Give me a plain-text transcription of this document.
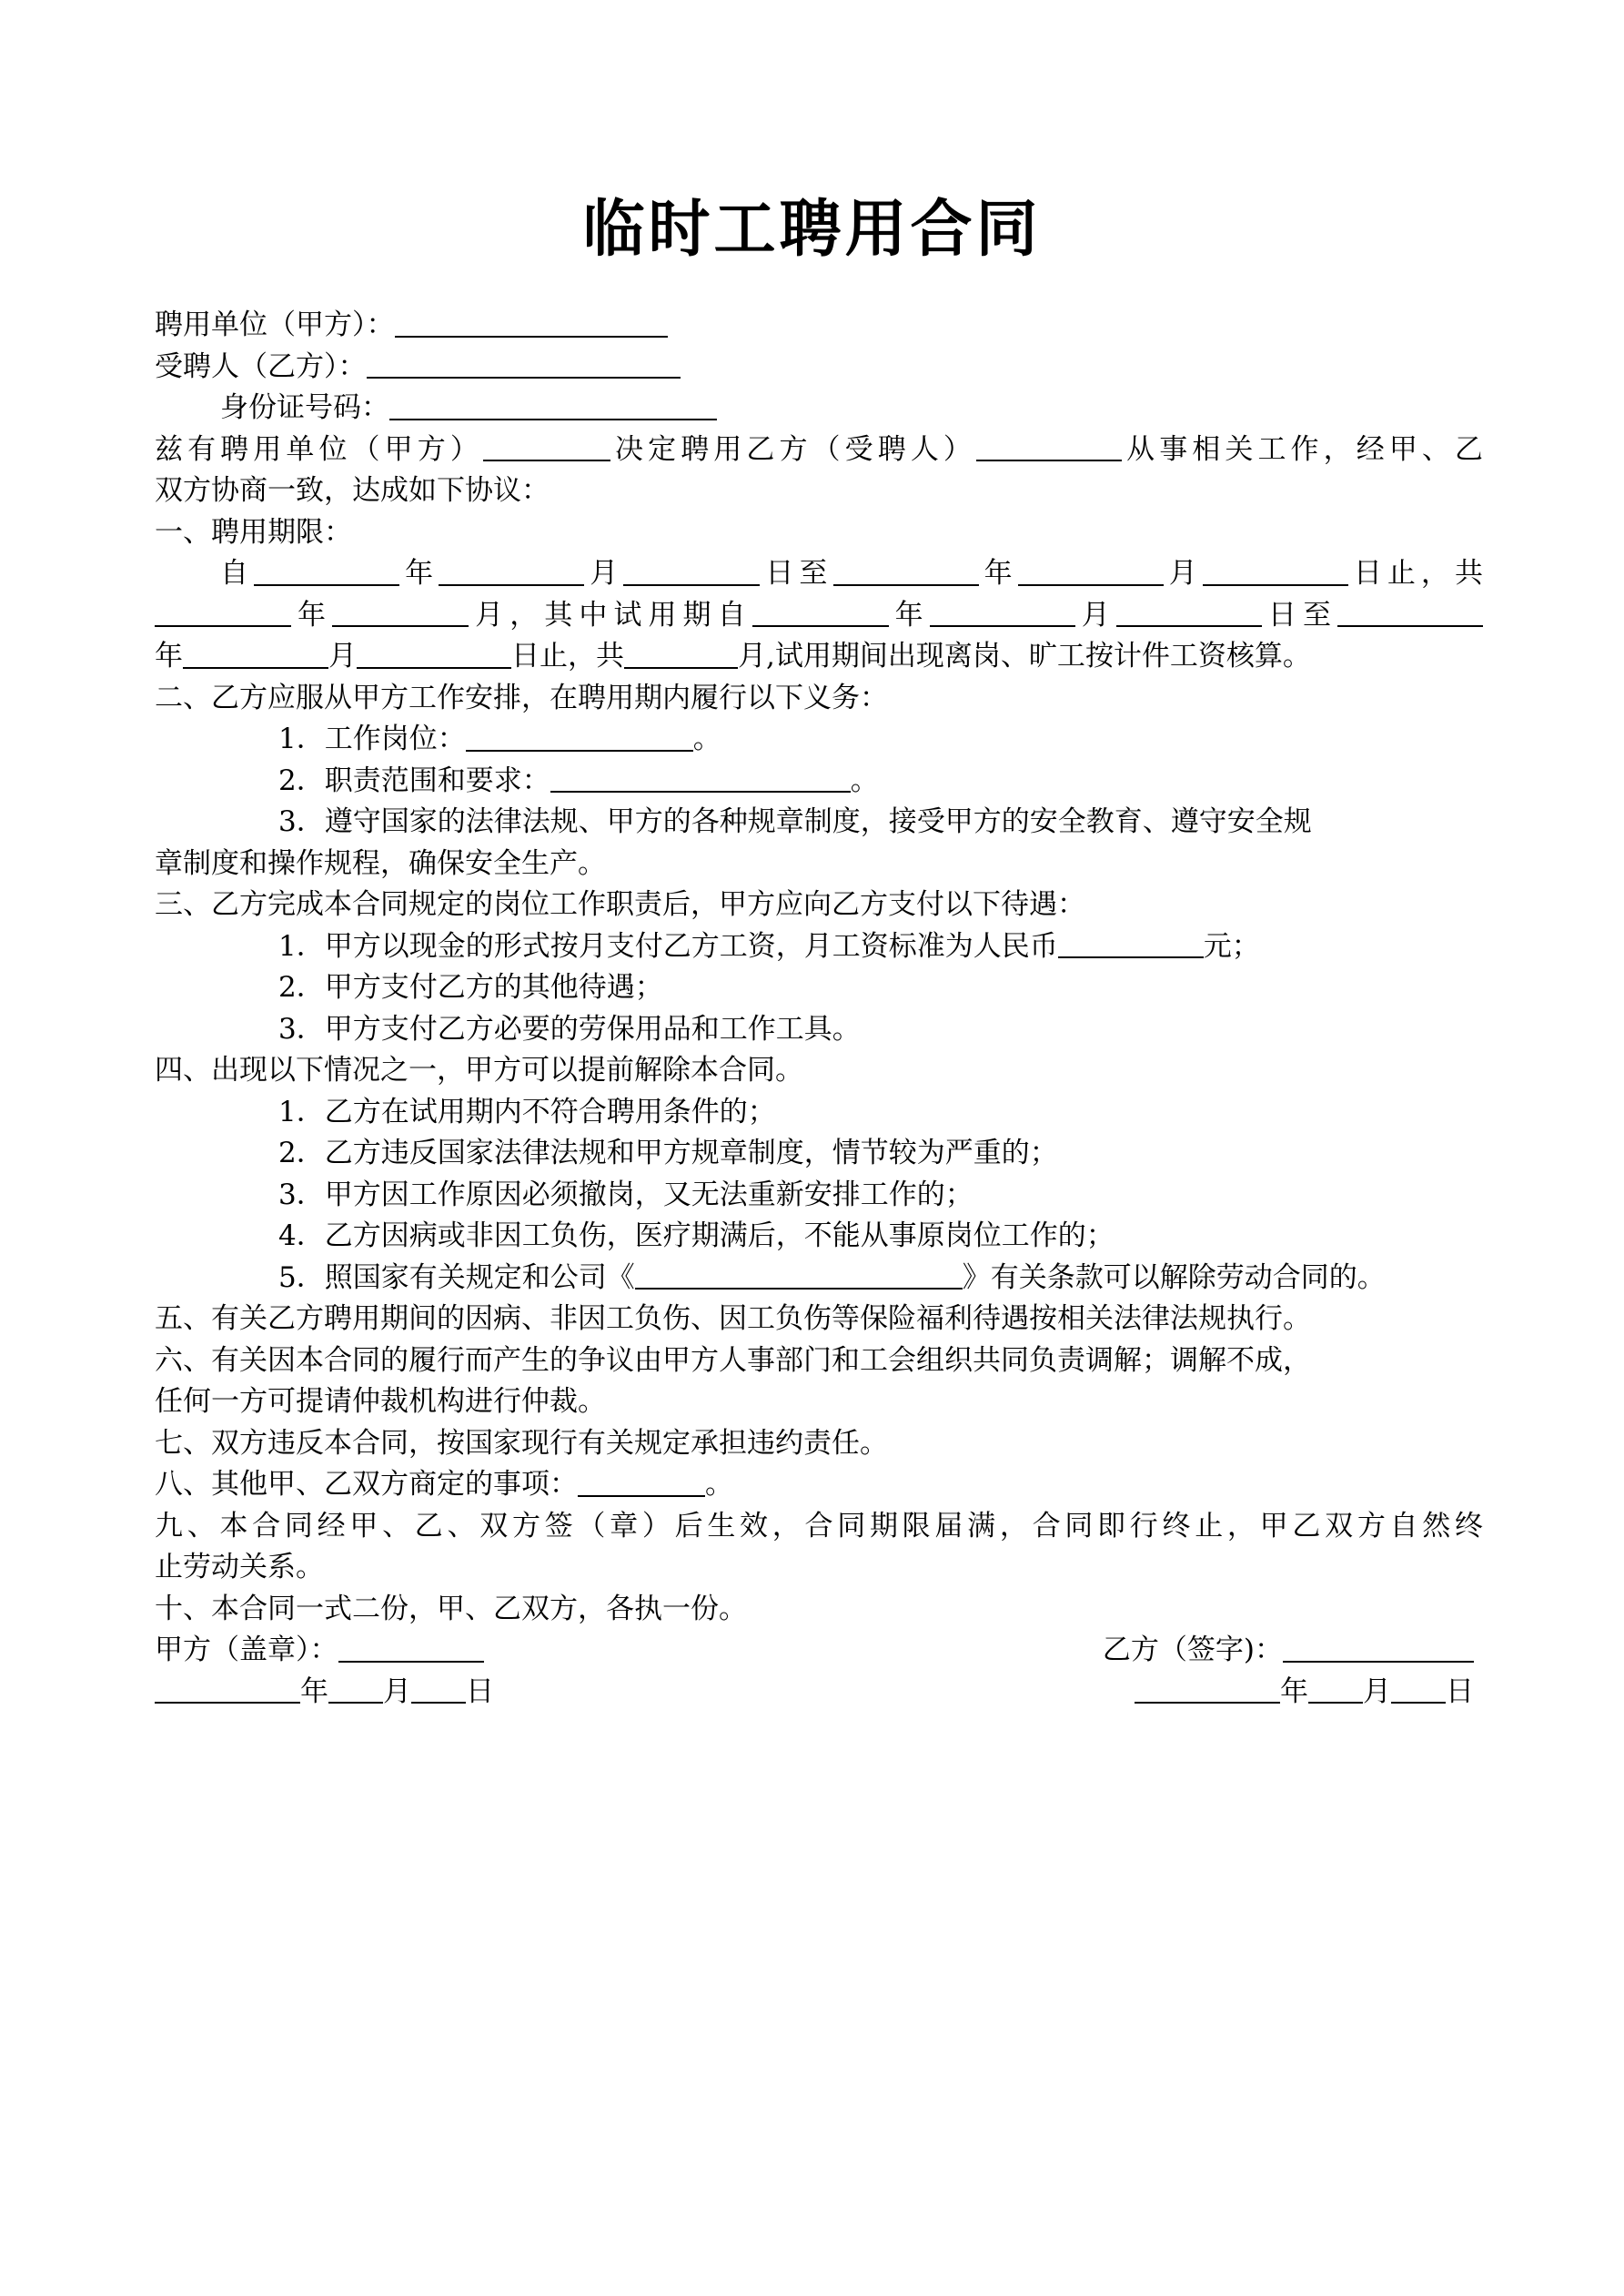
临时工聘用合同

聘用单位（甲方）：

受聘人（乙方）：

身份证号码：

兹有聘用单位（甲方）	决定聘用乙方（受聘人）	从事相关工作，经甲、乙

双方协商一致，达成如下协议：

一、聘用期限：

自	年	月	日至	年	月	日止，共

年	月，其中试用期自	年	月	日至

年	月	日止，共	月,试用期间出现离岗、旷工按计件工资核算。

二、乙方应服从甲方工作安排，在聘用期内履行以下义务：

1．工作岗位：	。

2．职责范围和要求：	。

3．遵守国家的法律法规、甲方的各种规章制度，接受甲方的安全教育、遵守安全规

章制度和操作规程，确保安全生产。

三、乙方完成本合同规定的岗位工作职责后，甲方应向乙方支付以下待遇：

1．甲方以现金的形式按月支付乙方工资，月工资标准为人民币	元；

2．甲方支付乙方的其他待遇；

3．甲方支付乙方必要的劳保用品和工作工具。

四、出现以下情况之一，甲方可以提前解除本合同。

1．乙方在试用期内不符合聘用条件的；

2．乙方违反国家法律法规和甲方规章制度，情节较为严重的；

3．甲方因工作原因必须撤岗，又无法重新安排工作的；

4．乙方因病或非因工负伤，医疗期满后，不能从事原岗位工作的；

5．照国家有关规定和公司《	》有关条款可以解除劳动合同的。

五、有关乙方聘用期间的因病、非因工负伤、因工负伤等保险福利待遇按相关法律法规执行。

六、有关因本合同的履行而产生的争议由甲方人事部门和工会组织共同负责调解；调解不成，

任何一方可提请仲裁机构进行仲裁。

七、双方违反本合同，按国家现行有关规定承担违约责任。

八、其他甲、乙双方商定的事项：	。

九、本合同经甲、乙、双方签（章）后生效，合同期限届满，合同即行终止，甲乙双方自然终

止劳动关系。

十、本合同一式二份，甲、乙双方，各执一份。

甲方（盖章）：	乙方（签字)：

年 月 日	年 月 日
